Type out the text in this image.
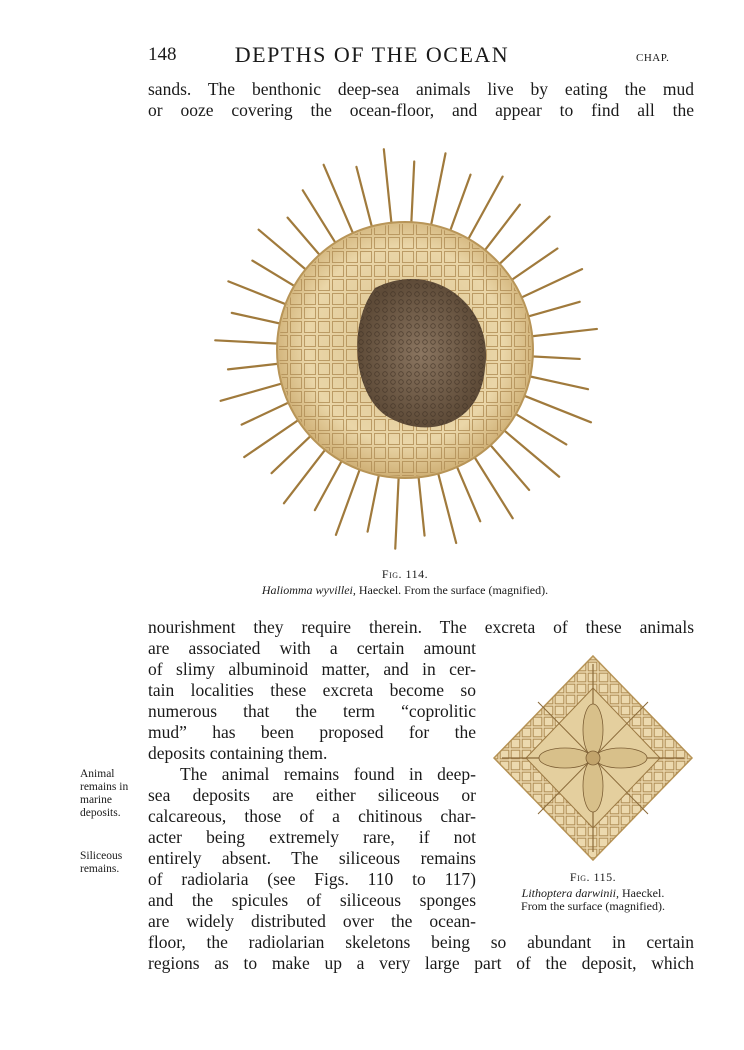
148	DEPTHS OF THE OCEAN	CHAP.
sands. The benthonic deep-sea animals live by eating the mud
or ooze covering the ocean-floor, and appear to find all the
Fig. 114.
Haliomma wyvillei, Haeckel. From the surface (magnified).
nourishment they require therein. The excreta of these animals
are associated with a certain amount
of slimy albuminoid matter, and in cer-
tain localities these excreta become so
numerous that the term “coprolitic
mud” has been proposed for the
deposits containing them.
The animal remains found in deep-
sea deposits are either siliceous or
calcareous, those of a chitinous char-
acter being extremely rare, if not
entirely absent. The siliceous remains
of radiolaria (see Figs. 110 to 117)
and the spicules of siliceous sponges
are widely distributed over the ocean-
floor, the radiolarian skeletons being so abundant in certain
regions as to make up a very large part of the deposit, which
Animal remains in marine deposits.
Siliceous remains.
Fig. 115.
Lithoptera darwinii, Haeckel.
From the surface (magnified).
